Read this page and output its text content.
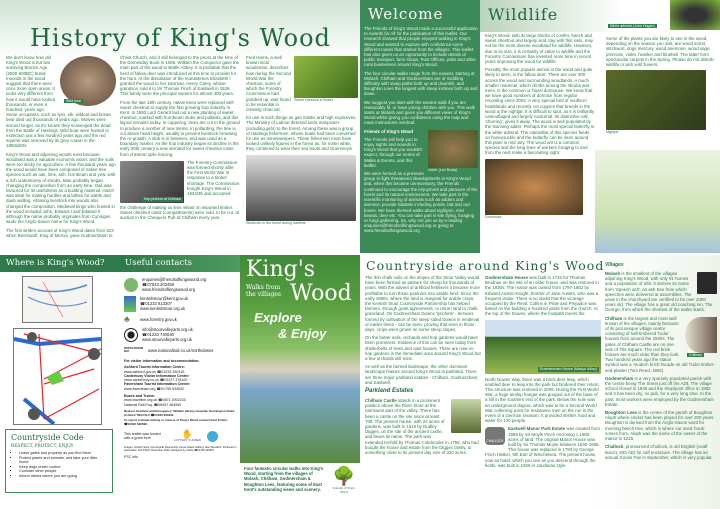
History of King's Wood
Wild boar

We don't know how old King's Wood is but two surviving Bronze Age (2000-600BC) burial mounds in the wood suggest that there were once more open areas. It looks very different from how it would have looked thousands, or even a hundred, years ago. Some occupants, such as lynx, elk, wildcat and brown bear died out thousands of years ago. Wolves were around longer, as it's known they scavenged the dead from the Battle of Hastings. Wild boar were hunted to extinction just a few hundred years ago and the red squirrel was removed by its grey cousin in the 1950s/60s.

King's Wood and adjoining woods exist because woodland was a valuable economic asset, and the soils were too sticky for agriculture. A few thousand years ago the wood would have been composed of native tree species such as oak, lime, ash, hornbeam and yew, with a rich understorey of shrubs. Man probably began changing the composition from an early time. Oak was favoured for its usefulness as a building material. Hazel was ideal for making hurdles and lathes for wattle and daub walling. Allowing livestock into woods also changed the composition. Medieval kings who hunted in the wood included John, Edward I and Edward II although the name probably originates from Cyninges wudu the Anglo-Saxon name for King's Wood.

The first written account of King's Wood dates from 823 when Beornwulf, King of Mercia, gave Godmersham to

Christ Church, and it still belonged to the priors at the time of the Domesday Book in 1086. William the Conqueror gave the main part of the wood to Battle Abbey. It is probable that the herd of fallow deer was introduced at this time to provide for the hunt. At the dissolution of the monasteries Elizabeth I granted the wood to her kinsman, Henry Carey, whose grandson sold it to Sir Thomas Finch of Eastwell in 1628. This family were the principal owners for almost 400 years.

From the late 18th century, native trees were replaced with sweet chestnut to supply the fast growing hop industry in Kent. In 1893 Lord Gerard laid out a new planting of sweet chestnut, marked with hornbeam stubs and pollards, and this layout remains today. In coppicing, trees are cut to the ground to produce a number of new stems. In pollarding, the tree is cut above head height, usually to prevent livestock browsing the re-growth. A stub is in between, and was used as a boundary marker. As the hop industry began its decline in the early 20th century a new demand for sweet chestnut came from chestnut spile fencing.

Hop pickers at Chilham

The Forestry Commission was formed shortly after the First World War in response to a timber shortage. The Commission bought King's Wood in 1934/35 and accepted

the challenge of making us less reliant on imported timber. Sweet chestnut cants (compartments) were sold, to be cut, at auction in the Chequers Pub at Chilham every year.

Sweet chestnut in flower

Fred Harris, a well known local woodsman, describes how during the Second World War the chestnut, some of which the Forestry Commission had grubbed up, was found to be essential in creating charcoal,

for use in such things as gas masks and high explosives. The Ministry of Labour directed extra manpower (including girls) to the forest. Among these was a group of Hastings fishermen, whose boats had been converted for use as minesweepers. These fishermen must have looked unlikely figures in the forest as, for some while, they continued to wear their sea boots and Guernseys!

Workmen in the forest during wartime
Welcome

The Friends of King's Wood made a successful application to Awards for All for the publication of this leaflet. Our research showed that people enjoyed walking in King's Wood and wanted to explore with confidence some different routes that started from the villages. This leaflet has also given us an opportunity to include details of public transport, farm shops, Post Offices, pubs and other rural businesses around King's Wood.

The four circular walks range from the easiest, starting at Molash. Chilham and Godmersham are of middling difficulty with steep paths both up and downhill, and Boughton Lees the longest with steep inclines both up and down.

We suggest you start with the easiest walk if you are reasonably fit, or have young children with you. This walk starts at Molash and gives you different views of King's Wood whilst giving you confidence using the map and route instructions overleaf.

Adder (Lee Brady)

Friends of King's Wood

The Friends will help you to enjoy sights and sounds in King's Wood that you wouldn't expect, through our series of Walks & Events, and this leaflet.

We were formed as a pressure group to fight threatened developments in King's Wood and, when this became unnecessary, the Friends continued to encourage the enjoyment and pleasure of the forest and its natural environment. We take part in the scientific monitoring of animals such as adders and dormice; provide habitats including ponds, bat and owl boxes. We have themed walks about nightjars, mini beasts, deer etc. You can take part in kite flying, foraging or fungi gathering. So, why not join us by e-mailing enquiries@friendsofkingswood.org or going to www.friendsofkingswood.org

Wildlife
White admiral (John Hogan)

King's Wood, with its large blocks of conifer, beech and sweet chestnut and largely acid clay with flint soils, may not be the most diverse woodland for wildlife. However, due to its size, it is certainly of value to wildlife and the Forestry Commission has invested more time in recent years improving the wood for wildlife.

Possibly the most popular animal in the wood and quite likely to seen, is the fallow deer. There are over 300 across the wood and surrounding woodlands. A much smaller mammal, which climbs among the shrubs and trees, is the common or hazel dormouse. We know that we have good numbers of dormice from regular recording since 2002. A very special bird of southern heathlands and recently cut coppice that breeds in the wood is the nightjar. It is difficult to spot, as it is brilliantly camouflaged and largely nocturnal. Its distinctive call, 'churring', gives it away. The wood is well populated by the stunning adder. Perhaps the most special butterfly is the white admiral. The caterpillar of this species feeds on honeysuckle and the butterfly can be seen around this plant in mid July. The wood ant is a common species and the long lines of workers foraging to and from the nest make a fascinating sight.

Dormouse

Some of the plants you are likely to see in the wood, depending on the season you visit, are wood sorrel, stitchwort, dogs mercury, wood anemone, wood sage, primrose, violet, heather and bluebell. The latter form spectacular carpets in the Spring. Please do not disturb wildlife or pick wild flowers.

Nightjar
Where is King's Wood?
Countryside Code
RESPECT, PROTECT, ENJOY
▪ Leave gates and property as you find them
▪ Protect plants and animals, and take your litter home
▪ Keep dogs under control
▪ Consider other people
▪ Inform others where you are going
Useful contacts
enquiries@friendsofkingswood.org
☎07523 203458
www.friendsofkingswood.org
kentishstour@kent.gov.uk
☎01233 813307
www.kentishstour.org.uk
♣	www.forestry.gov.uk
info@stourvalleyarts.org.uk
☎01233 740040
www.stourvalleyarts.org.uk
NORTH DOWNS WAY	www.nationaltrail.co.uk/northdowns
For visitor information and accommodation:
Ashford Tourist Information Centre:
www.ashford.gov.uk ☎01233 330316
Canterbury Visitor Information Centre:
www.canterbury.co.uk ☎01227 378100
Faversham Tourist Information Centre:
www.faversham.org ☎01795 534542
Buses and Trains:
www.traveline.org.uk ☎0871 2002233
National Rail Enq. ☎08457 484950
Nearest Accident and Emergency: William Harvey Hospital, Kennington Road, Ashford TN24 0LZ ☎01233 633331.
To report criminal activity or misuse of King's Wood contact Kent Police: ☎01622 690690.
This leaflet was funded with a grant from	✋
LOTTERY FUNDED
Images: Kentish Stour Countryside Partnership unless stated. Editing: Alan Woodlins. Produced in association with KSCP, December 2010. Designed by Clarity ☎01303 249521
FSC info
King's
Wood
Walks from the villages
Explore
& Enjoy
Four fantastic circular walks into King's Wood, starting from the villages of Molash, Chilham, Godmersham & Boughton Lees, featuring some of East Kent's outstanding views and scenery.
🌳
Friends of King's Wood
Countryside around King's Wood

The thin chalk soils on the slopes of the Stour Valley would have been farmed as pasture for sheep for thousands of years. With the advent of artificial fertilisers it became more profitable to turn these pastures into arable land. Since the early 1990s, where the land is marginal for arable crops, the Kentish Stour Countryside Partnership has helped farmers, through grant agreements, to return land to chalk grassland. On Godmersham Downs 'lynchets' - terraces formed by cultivation of the steep sided Downs in medieval or earlier times - can be seen, proving that even in those days, crops were grown on some steep slopes.

On the better soils, orchards and hop gardens would have been prominent. Evidence of this can be seen today from shelterbelts of trees and oast houses. There are now no hop gardens in the immediate area around King's Wood but a few orchards still exist.

As well as the farmed landscape, the other dominant landscape feature around King's Wood is parkland. There are three major parkland estates - Chilham, Godmersham, and Eastwell.

Parkland Estates

Chilham Castle stands in a prominent position above the River Stour at the narrowest part of the valley. There has been a castle on the site since at least 709. The present house, with 24 acres of gardens, was built in 1616 by Dudley Digges, on the site of the ancient castle, and bears its name. The park was extended tenfold by Thomas Colebrooke in 1755, who had bought the house and estate from the Digges family, to something close to its present day size of 320 acres.

Godmersham House was built in 1732 for Thomas Brodnax on the site of an older house, and was restored in the 1930s. The manor was owned from 1797-1852 by Edward Austen-Knight, brother of Jane Austen, who was a frequent visitor. There is no doubt that the vicarage occupied by the Revd. Collins in Pride and Prejudice was based on the building a hundred yards from the church. At the top of the Downs, where the footpath meets the

Godmersham House (Martyn Adley)

North Downs Way, there was a brick deer leap, which enabled deer to leap into the park but hindered their return. This structure was restored in 2009. During the First World War, a huge airship hangar was gouged out of the base of a hill in the southern end of the park. Below the hole was an underground dugout, which was to be a Second World War collecting point for resistance men on the run in the event of a German invasion. It provided shelter, food and water for 120 people.

CHALLOCK

Eastwell Manor Park Estate was created from 1589 by Sir Moyle Finch enclosing c.1600 acres of land. The original Manor House was built by Sir Thomas Moyle between 1540-1556. This house was replaced in 1793 by George Finch Hatton, 9th Earl of Winchelsea. The present house, now an hotel, which you see as you descend through the fields, was built in 1926 in Jacobean style.

Villages

Molash is the smallest of the villages adjoining King's Wood, with only 91 homes and a population of 208. It derives its name from 'Speech ash', an ash tree from which speeches were delivered at assemblies. The yews in the churchyard are certified to be over 2000 years old. The village has a great old coaching inn, The George, from which the shortest of the walks starts.

Chilham

Chilham is the largest and most well known of the villages, mainly because of its picturesque village centre consisting of half-timbered Tudor houses from around the 1500s. The gates of Chilham Castle are on one side of The Square. The red brick houses are much older than they look. Two hundred years ago the status symbol was a 'modern brick' facade on old Tudor timber-and-plaster (Tom Reed, 1992).

Godmersham is a very sparsely populated parish with the centre being The Street just off the A28. The village school closed in 1946 and the shop/post office in 1982 and it has been dry, no pub, for a very long time. In the past, most workers were employed by the Godmersham Estate.

Boughton Lees is the centre of the parish of Boughton Aluph where cricket has been played for over 200 years. Boughton is derived from the Anglo-Saxon word for morning beech tree, which is where our word 'book' comes from. Aluph was the name of the owner of the manor in 1215.

Challock, pronounced Chollock, is old English (cealf leacn), 833 AD) for calf enclosure. The village has an annual Goose Fair in September, which is very popular.
